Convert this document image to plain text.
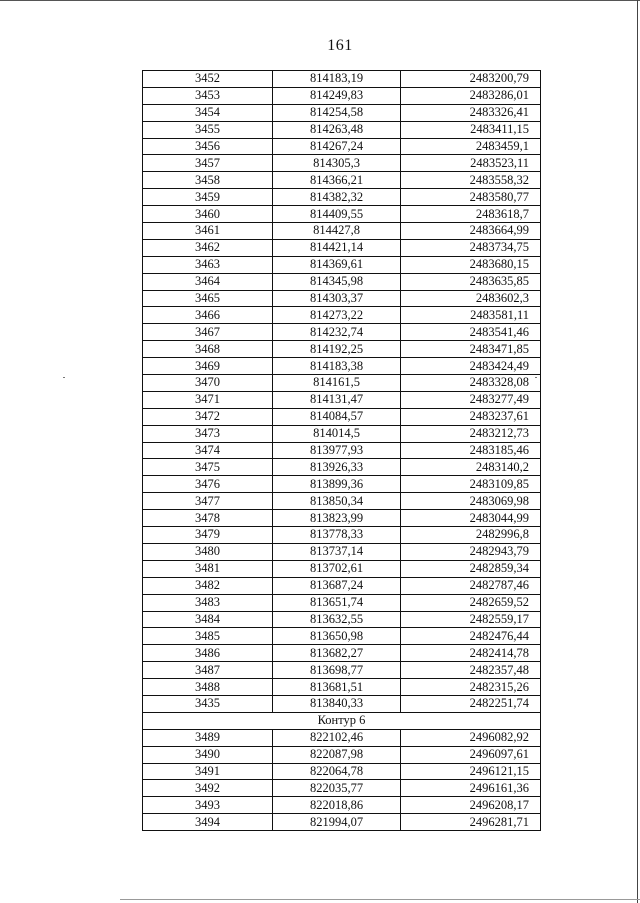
161
3452	814183,19	2483200,79
3453	814249,83	2483286,01
3454	814254,58	2483326,41
3455	814263,48	2483411,15
3456	814267,24	2483459,1
3457	814305,3	2483523,11
3458	814366,21	2483558,32
3459	814382,32	2483580,77
3460	814409,55	2483618,7
3461	814427,8	2483664,99
3462	814421,14	2483734,75
3463	814369,61	2483680,15
3464	814345,98	2483635,85
3465	814303,37	2483602,3
3466	814273,22	2483581,11
3467	814232,74	2483541,46
3468	814192,25	2483471,85
3469	814183,38	2483424,49
3470	814161,5	2483328,08
3471	814131,47	2483277,49
3472	814084,57	2483237,61
3473	814014,5	2483212,73
3474	813977,93	2483185,46
3475	813926,33	2483140,2
3476	813899,36	2483109,85
3477	813850,34	2483069,98
3478	813823,99	2483044,99
3479	813778,33	2482996,8
3480	813737,14	2482943,79
3481	813702,61	2482859,34
3482	813687,24	2482787,46
3483	813651,74	2482659,52
3484	813632,55	2482559,17
3485	813650,98	2482476,44
3486	813682,27	2482414,78
3487	813698,77	2482357,48
3488	813681,51	2482315,26
3435	813840,33	2482251,74
Контур 6		
3489	822102,46	2496082,92
3490	822087,98	2496097,61
3491	822064,78	2496121,15
3492	822035,77	2496161,36
3493	822018,86	2496208,17
3494	821994,07	2496281,71
